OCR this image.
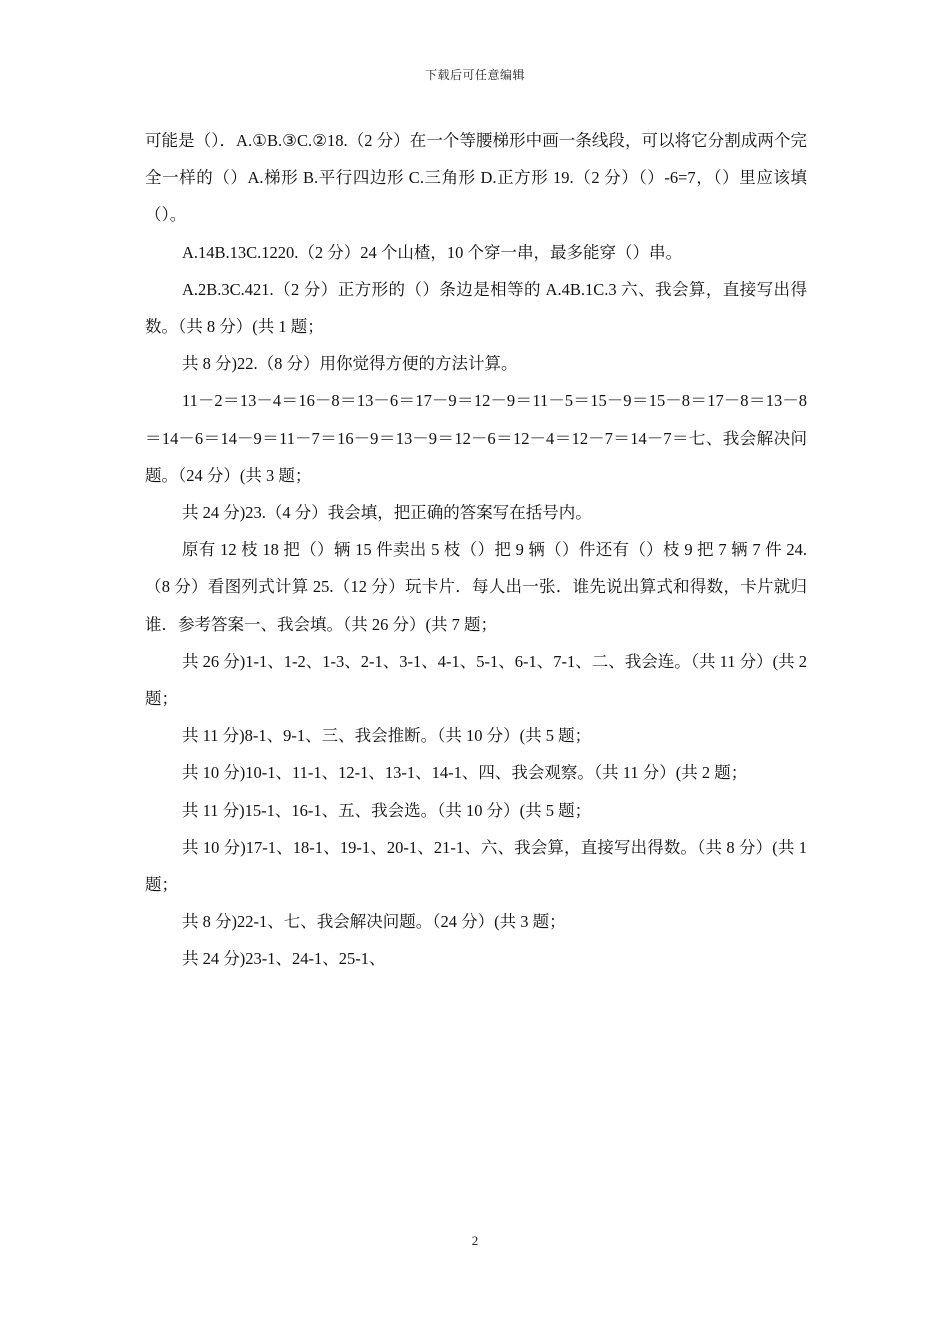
下载后可任意编辑

可能是（）．A.①B.③C.②18.（2 分）在一个等腰梯形中画一条线段，可以将它分割成两个完全一样的（）A.梯形 B.平行四边形 C.三角形 D.正方形 19.（2 分）（）-6=7，（）里应该填（）。

A.14B.13C.1220.（2 分）24 个山楂，10 个穿一串，最多能穿（）串。

A.2B.3C.421.（2 分）正方形的（）条边是相等的 A.4B.1C.3 六、我会算，直接写出得数。（共 8 分）(共 1 题；

共 8 分)22.（8 分）用你觉得方便的方法计算。

11－2＝13－4＝16－8＝13－6＝17－9＝12－9＝11－5＝15－9＝15－8＝17－8＝13－8＝14－6＝14－9＝11－7＝16－9＝13－9＝12－6＝12－4＝12－7＝14－7＝七、我会解决问题。（24 分）(共 3 题；

共 24 分)23.（4 分）我会填，把正确的答案写在括号内。

原有 12 枝 18 把（）辆 15 件卖出 5 枝（）把 9 辆（）件还有（）枝 9 把 7 辆 7 件 24.（8 分）看图列式计算 25.（12 分）玩卡片．每人出一张．谁先说出算式和得数，卡片就归谁．参考答案一、我会填。（共 26 分）(共 7 题；

共 26 分)1-1、1-2、1-3、2-1、3-1、4-1、5-1、6-1、7-1、二、我会连。（共 11 分）(共 2 题；

共 11 分)8-1、9-1、三、我会推断。（共 10 分）(共 5 题；

共 10 分)10-1、11-1、12-1、13-1、14-1、四、我会观察。（共 11 分）(共 2 题；

共 11 分)15-1、16-1、五、我会选。（共 10 分）(共 5 题；

共 10 分)17-1、18-1、19-1、20-1、21-1、六、我会算，直接写出得数。（共 8 分）(共 1 题；

共 8 分)22-1、七、我会解决问题。（24 分）(共 3 题；

共 24 分)23-1、24-1、25-1、

2
